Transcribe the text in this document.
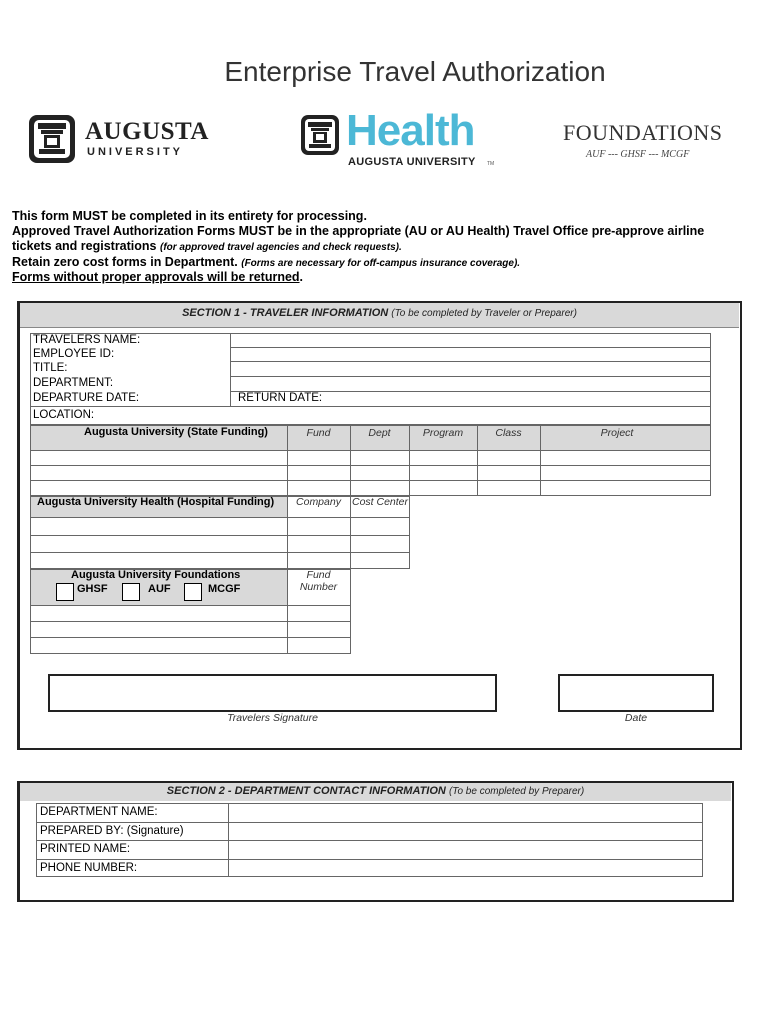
Enterprise Travel Authorization
AUGUSTA
UNIVERSITY	Health
AUGUSTA UNIVERSITY TM
FOUNDATIONS
AUF --- GHSF --- MCGF
This form MUST be completed in its entirety for processing.
Approved Travel Authorization Forms MUST be in the appropriate (AU or AU Health) Travel Office pre-approve airline
tickets and registrations (for approved travel agencies and check requests).
Retain zero cost forms in Department. (Forms are necessary for off-campus insurance coverage).
Forms without proper approvals will be returned.
SECTION 1 - TRAVELER INFORMATION (To be completed by Traveler or Preparer)
TRAVELERS NAME:
EMPLOYEE ID:
TITLE:
DEPARTMENT:
DEPARTURE DATE:	RETURN DATE:
LOCATION:
Augusta University (State Funding)	Fund	Dept	Program	Class	Project
Augusta University Health (Hospital Funding)	Company	Cost Center
Augusta University Foundations	Fund Number
GHSF	AUF	MCGF
Travelers Signature	Date
SECTION 2 - DEPARTMENT CONTACT INFORMATION (To be completed by Preparer)
DEPARTMENT NAME:
PREPARED BY: (Signature)
PRINTED NAME:
PHONE NUMBER:
